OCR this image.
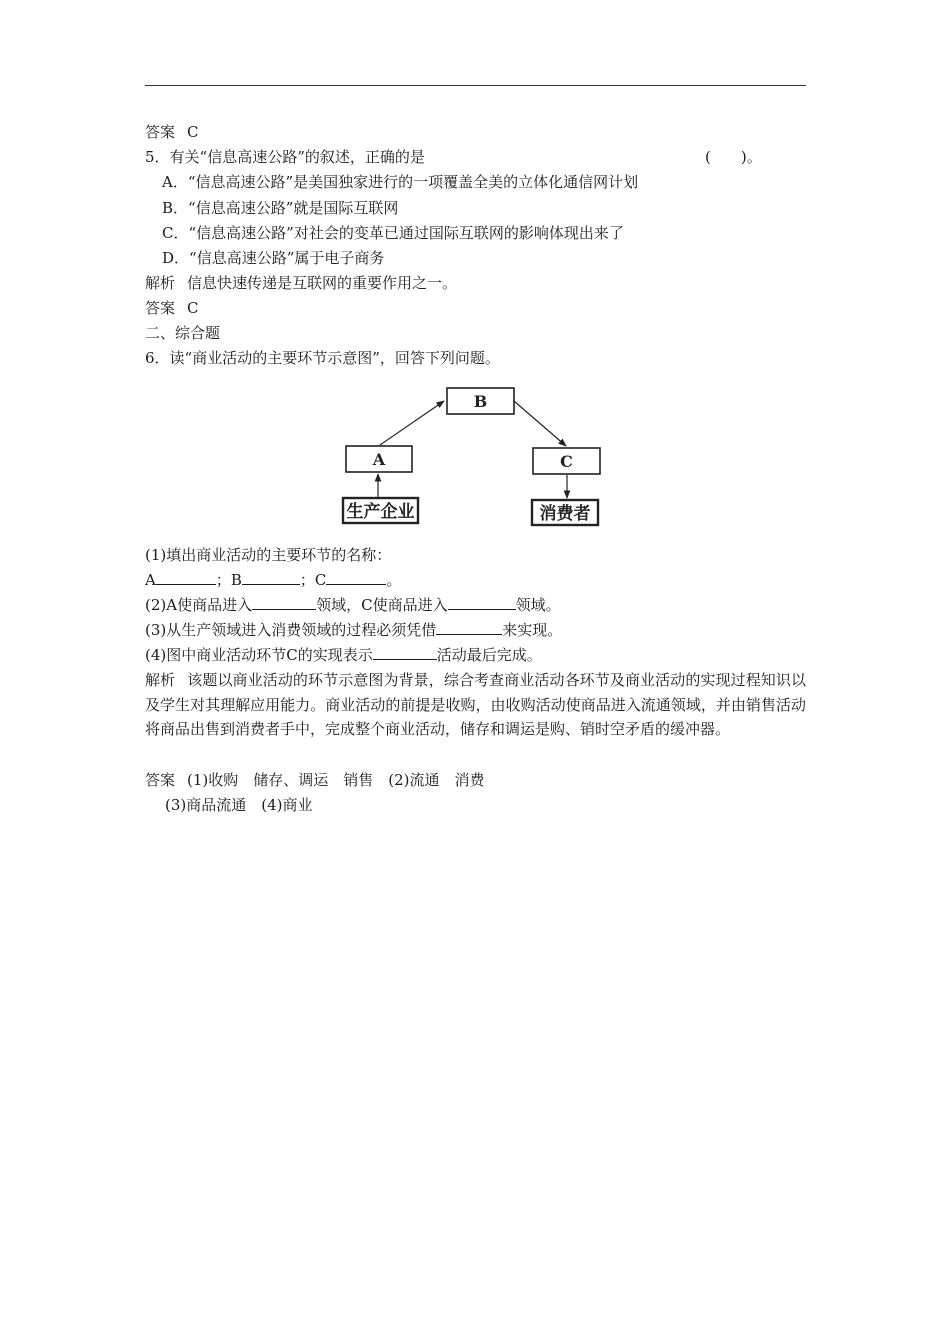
答案 C
5．有关“信息高速公路”的叙述，正确的是	(　　)。
A．“信息高速公路”是美国独家进行的一项覆盖全美的立体化通信网计划
B．“信息高速公路”就是国际互联网
C．“信息高速公路”对社会的变革已通过国际互联网的影响体现出来了
D．“信息高速公路”属于电子商务
解析 信息快速传递是互联网的重要作用之一。
答案 C
二、综合题
6．读“商业活动的主要环节示意图”，回答下列问题。
B
A	C
生产企业	消费者
(1)填出商业活动的主要环节的名称：
A	；B	；C	。
(2)A使商品进入	领域，C使商品进入	领域。
(3)从生产领域进入消费领域的过程必须凭借	来实现。
(4)图中商业活动环节C的实现表示	活动最后完成。
解析 该题以商业活动的环节示意图为背景，综合考查商业活动各环节及商业活动的实现过程知识以及学生对其理解应用能力。商业活动的前提是收购，由收购活动使商品进入流通领域，并由销售活动将商品出售到消费者手中，完成整个商业活动，储存和调运是购、销时空矛盾的缓冲器。
答案 (1)收购　储存、调运　销售　(2)流通　消费
(3)商品流通　(4)商业
